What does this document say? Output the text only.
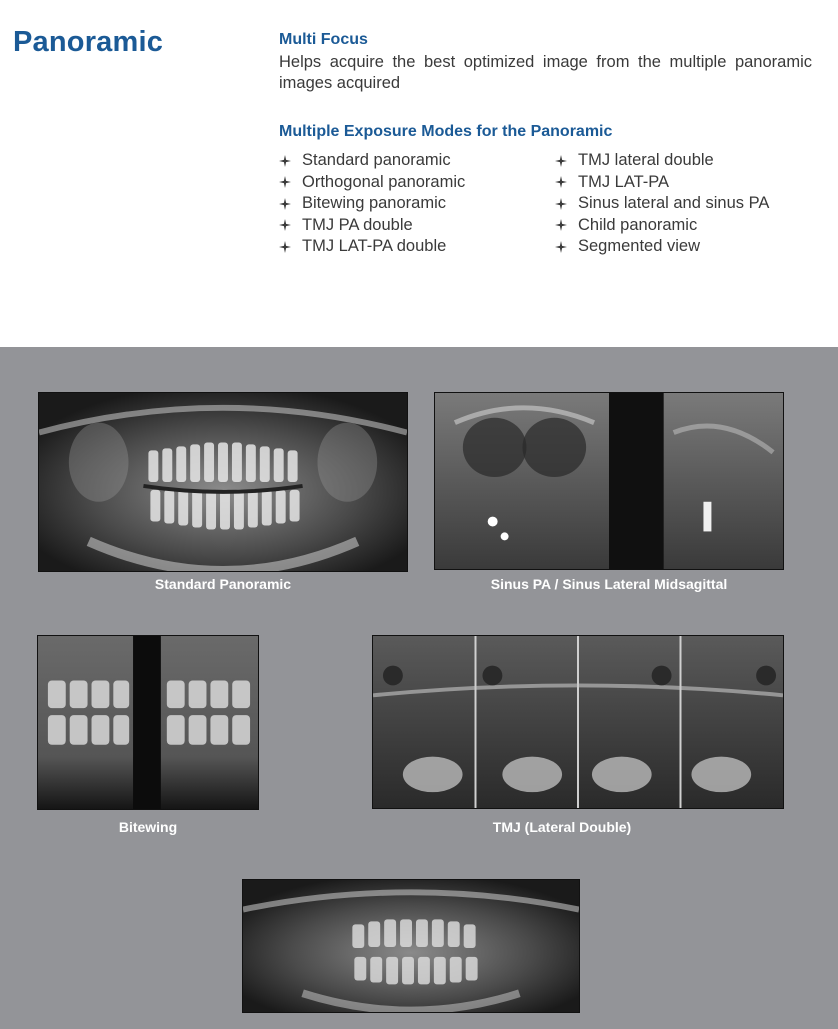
Panoramic	Multi Focus

Helps acquire the best optimized image from the multiple panoramic images acquired

Multiple Exposure Modes for the Panoramic
Standard panoramic
Orthogonal panoramic
Bitewing panoramic
TMJ PA double
TMJ LAT-PA double
TMJ lateral double
TMJ LAT-PA
Sinus lateral and sinus PA
Child panoramic
Segmented view

Standard Panoramic	Sinus PA / Sinus Lateral Midsagittal

Bitewing	TMJ (Lateral Double)
